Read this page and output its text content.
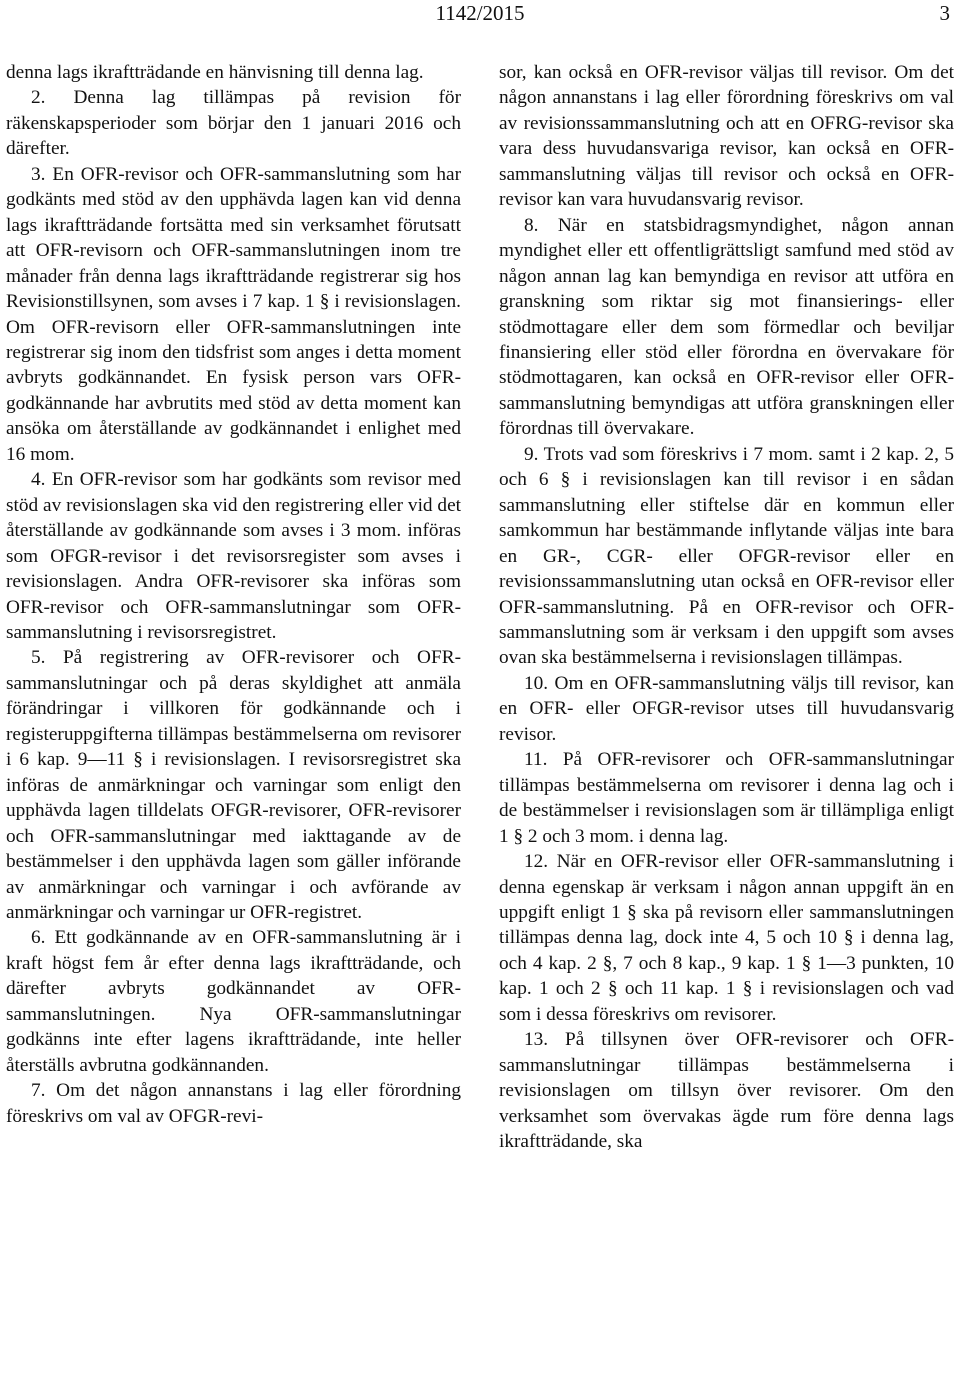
1142/2015	3

denna lags ikraftträdande en hänvisning till denna lag.

2. Denna lag tillämpas på revision för räkenskapsperioder som börjar den 1 januari 2016 och därefter.

3. En OFR-revisor och OFR-sammanslutning som har godkänts med stöd av den upphävda lagen kan vid denna lags ikraftträdande fortsätta med sin verksamhet förutsatt att OFR-revisorn och OFR-sammanslutningen inom tre månader från denna lags ikraftträdande registrerar sig hos Revisionstillsynen, som avses i 7 kap. 1 § i revisionslagen. Om OFR-revisorn eller OFR-sammanslutningen inte registrerar sig inom den tidsfrist som anges i detta moment avbryts godkännandet. En fysisk person vars OFR-godkännande har avbrutits med stöd av detta moment kan ansöka om återställande av godkännandet i enlighet med 16 mom.

4. En OFR-revisor som har godkänts som revisor med stöd av revisionslagen ska vid den registrering eller vid det återställande av godkännande som avses i 3 mom. införas som OFGR-revisor i det revisorsregister som avses i revisionslagen. Andra OFR-revisorer ska införas som OFR-revisor och OFR-sammanslutningar som OFR-sammanslutning i revisorsregistret.

5. På registrering av OFR-revisorer och OFR-sammanslutningar och på deras skyldighet att anmäla förändringar i villkoren för godkännande och i registeruppgifterna tillämpas bestämmelserna om revisorer i 6 kap. 9—11 § i revisionslagen. I revisorsregistret ska införas de anmärkningar och varningar som enligt den upphävda lagen tilldelats OFGR-revisorer, OFR-revisorer och OFR-sammanslutningar med iakttagande av de bestämmelser i den upphävda lagen som gäller införande av anmärkningar och varningar i och avförande av anmärkningar och varningar ur OFR-registret.

6. Ett godkännande av en OFR-sammanslutning är i kraft högst fem år efter denna lags ikraftträdande, och därefter avbryts godkännandet av OFR-sammanslutningen. Nya OFR-sammanslutningar godkänns inte efter lagens ikraftträdande, inte heller återställs avbrutna godkännanden.

7. Om det någon annanstans i lag eller förordning föreskrivs om val av OFGR-revi-

sor, kan också en OFR-revisor väljas till revisor. Om det någon annanstans i lag eller förordning föreskrivs om val av revisionssammanslutning och att en OFRG-revisor ska vara dess huvudansvariga revisor, kan också en OFR-sammanslutning väljas till revisor och också en OFR-revisor kan vara huvudansvarig revisor.

8. När en statsbidragsmyndighet, någon annan myndighet eller ett offentligrättsligt samfund med stöd av någon annan lag kan bemyndiga en revisor att utföra en granskning som riktar sig mot finansierings- eller stödmottagare eller dem som förmedlar och beviljar finansiering eller stöd eller förordna en övervakare för stödmottagaren, kan också en OFR-revisor eller OFR-sammanslutning bemyndigas att utföra granskningen eller förordnas till övervakare.

9. Trots vad som föreskrivs i 7 mom. samt i 2 kap. 2, 5 och 6 § i revisionslagen kan till revisor i en sådan sammanslutning eller stiftelse där en kommun eller samkommun har bestämmande inflytande väljas inte bara en GR-, CGR- eller OFGR-revisor eller en revisionssammanslutning utan också en OFR-revisor eller OFR-sammanslutning. På en OFR-revisor och OFR-sammanslutning som är verksam i den uppgift som avses ovan ska bestämmelserna i revisionslagen tillämpas.

10. Om en OFR-sammanslutning väljs till revisor, kan en OFR- eller OFGR-revisor utses till huvudansvarig revisor.

11. På OFR-revisorer och OFR-sammanslutningar tillämpas bestämmelserna om revisorer i denna lag och i de bestämmelser i revisionslagen som är tillämpliga enligt 1 § 2 och 3 mom. i denna lag.

12. När en OFR-revisor eller OFR-sammanslutning i denna egenskap är verksam i någon annan uppgift än en uppgift enligt 1 § ska på revisorn eller sammanslutningen tillämpas denna lag, dock inte 4, 5 och 10 § i denna lag, och 4 kap. 2 §, 7 och 8 kap., 9 kap. 1 § 1—3 punkten, 10 kap. 1 och 2 § och 11 kap. 1 § i revisionslagen och vad som i dessa föreskrivs om revisorer.

13. På tillsynen över OFR-revisorer och OFR-sammanslutningar tillämpas bestämmelserna i revisionslagen om tillsyn över revisorer. Om den verksamhet som övervakas ägde rum före denna lags ikraftträdande, ska
